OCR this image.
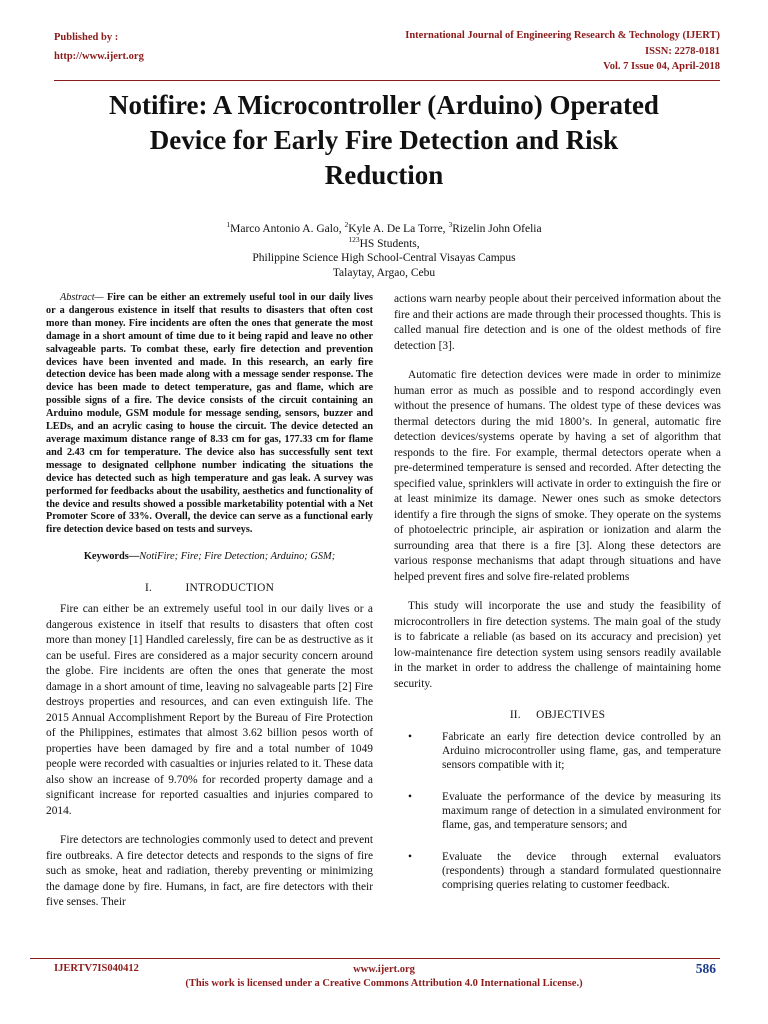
Published by :
http://www.ijert.org
International Journal of Engineering Research & Technology (IJERT)
ISSN: 2278-0181
Vol. 7 Issue 04, April-2018
Notifire: A Microcontroller (Arduino) Operated
Device for Early Fire Detection and Risk
Reduction
$^1$Marco Antonio A. Galo, $^2$Kyle A. De La Torre, $^3$Rizelin John Ofelia
$^{123}$HS Students,
Philippine Science High School-Central Visayas Campus
Talaytay, Argao, Cebu

Abstract— Fire can be either an extremely useful tool in our daily lives or a dangerous existence in itself that results to disasters that often cost more than money. Fire incidents are often the ones that generate the most damage in a short amount of time due to it being rapid and leave no other salvageable parts. To combat these, early fire detection and prevention devices have been invented and made. In this research, an early fire detection device has been made along with a message sender response. The device has been made to detect temperature, gas and flame, which are possible signs of a fire. The device consists of the circuit containing an Arduino module, GSM module for message sending, sensors, buzzer and LEDs, and an acrylic casing to house the circuit. The device detected an average maximum distance range of 8.33 cm for gas, 177.33 cm for flame and 2.43 cm for temperature. The device also has successfully sent text message to designated cellphone number indicating the situations the device has detected such as high temperature and gas leak. A survey was performed for feedbacks about the usability, aesthetics and functionality of the device and results showed a possible marketability potential with a Net Promoter Score of 33%. Overall, the device can serve as a functional early fire detection device based on tests and surveys.

Keywords—NotiFire; Fire; Fire Detection; Arduino; GSM;
I.           INTRODUCTION

Fire can either be an extremely useful tool in our daily lives or a dangerous existence in itself that results to disasters that often cost more than money [1] Handled carelessly, fire can be as destructive as it can be useful. Fires are considered as a major security concern around the globe. Fire incidents are often the ones that generate the most damage in a short amount of time, leaving no salvageable parts [2] Fire destroys properties and resources, and can even extinguish life. The 2015 Annual Accomplishment Report by the Bureau of Fire Protection of the Philippines, estimates that almost 3.62 billion pesos worth of properties have been damaged by fire and a total number of 1049 people were recorded with casualties or injuries related to it. These data also show an increase of 9.70% for recorded property damage and a significant increase for reported casualties and injuries compared to 2014.

Fire detectors are technologies commonly used to detect and prevent fire outbreaks. A fire detector detects and responds to the signs of fire such as smoke, heat and radiation, thereby preventing or minimizing the damage done by fire. Humans, in fact, are fire detectors with their five senses. Their

actions warn nearby people about their perceived information about the fire and their actions are made through their processed thoughts. This is called manual fire detection and is one of the oldest methods of fire detection [3].

Automatic fire detection devices were made in order to minimize human error as much as possible and to respond accordingly even without the presence of humans. The oldest type of these devices was thermal detectors during the mid 1800’s. In general, automatic fire detection devices/systems operate by having a set of algorithm that responds to the fire. For example, thermal detectors operate when a pre-determined temperature is sensed and recorded. After detecting the specified value, sprinklers will activate in order to extinguish the fire or at least minimize its damage. Newer ones such as smoke detectors identify a fire through the signs of smoke. They operate on the systems of photoelectric principle, air aspiration or ionization and alarm the surrounding area that there is a fire [3]. Along these detectors are various response mechanisms that adapt through situations and have helped prevent fires and solve fire-related problems

This study will incorporate the use and study the feasibility of microcontrollers in fire detection systems. The main goal of the study is to fabricate a reliable (as based on its accuracy and precision) yet low-maintenance fire detection system using sensors readily available in the market in order to address the challenge of maintaining home security.

II.     OBJECTIVES
•	Fabricate an early fire detection device controlled by an Arduino microcontroller using flame, gas, and temperature sensors compatible with it;
•	Evaluate the performance of the device by measuring its maximum range of detection in a simulated environment for flame, gas, and temperature sensors; and
•	Evaluate the device through external evaluators (respondents) through a standard formulated questionnaire comprising queries relating to customer feedback.
IJERTV7IS040412	www.ijert.org
(This work is licensed under a Creative Commons Attribution 4.0 International License.)
586
